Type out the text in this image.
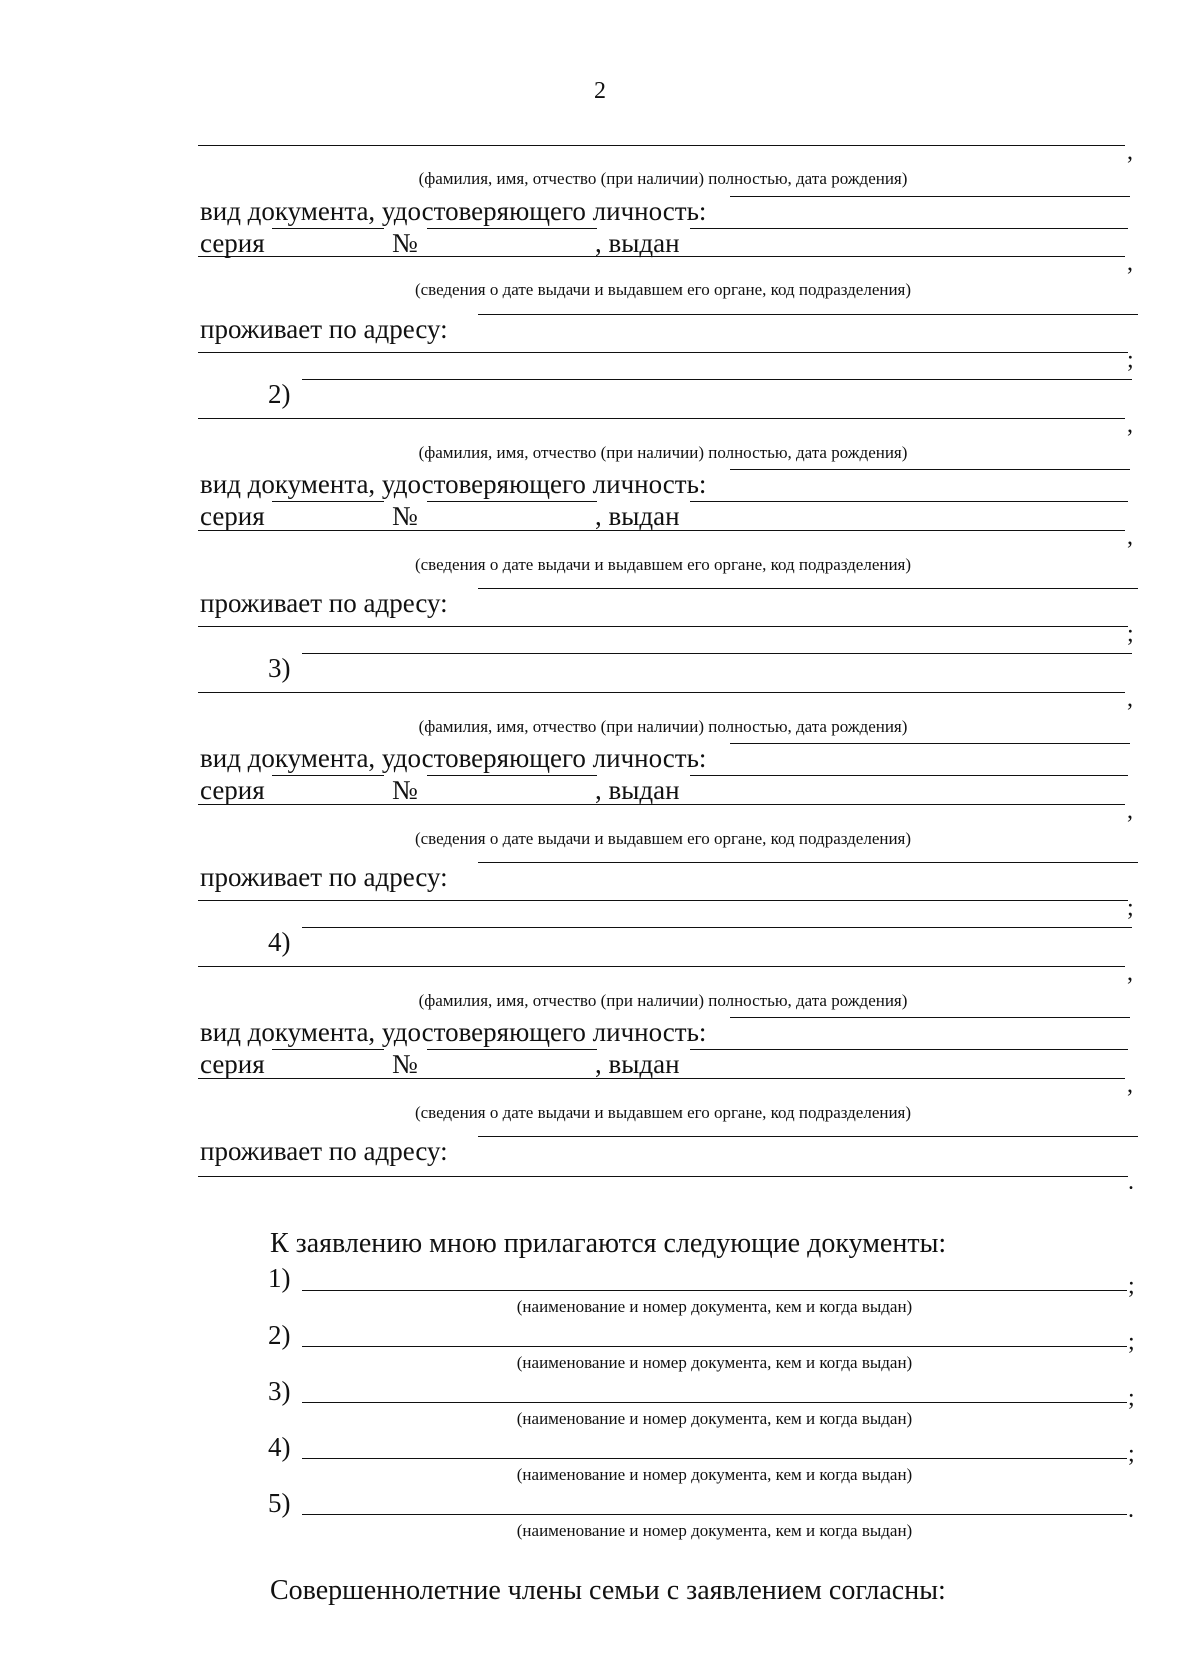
2
,
(фамилия, имя, отчество (при наличии) полностью, дата рождения)
вид документа, удостоверяющего личность:
серия	№	, выдан
,
(сведения о дате выдачи и выдавшем его органе, код подразделения)
проживает по адресу:
;
2)
,
(фамилия, имя, отчество (при наличии) полностью, дата рождения)
вид документа, удостоверяющего личность:
серия	№	, выдан
,
(сведения о дате выдачи и выдавшем его органе, код подразделения)
проживает по адресу:
;
3)
,
(фамилия, имя, отчество (при наличии) полностью, дата рождения)
вид документа, удостоверяющего личность:
серия	№	, выдан
,
(сведения о дате выдачи и выдавшем его органе, код подразделения)
проживает по адресу:
;
4)
,
(фамилия, имя, отчество (при наличии) полностью, дата рождения)
вид документа, удостоверяющего личность:
серия	№	, выдан
,
(сведения о дате выдачи и выдавшем его органе, код подразделения)
проживает по адресу:
.
К заявлению мною прилагаются следующие документы:
1)	;
(наименование и номер документа, кем и когда выдан)
2)	;
(наименование и номер документа, кем и когда выдан)
3)	;
(наименование и номер документа, кем и когда выдан)
4)	;
(наименование и номер документа, кем и когда выдан)
5)	.
(наименование и номер документа, кем и когда выдан)
Совершеннолетние члены семьи с заявлением согласны:
